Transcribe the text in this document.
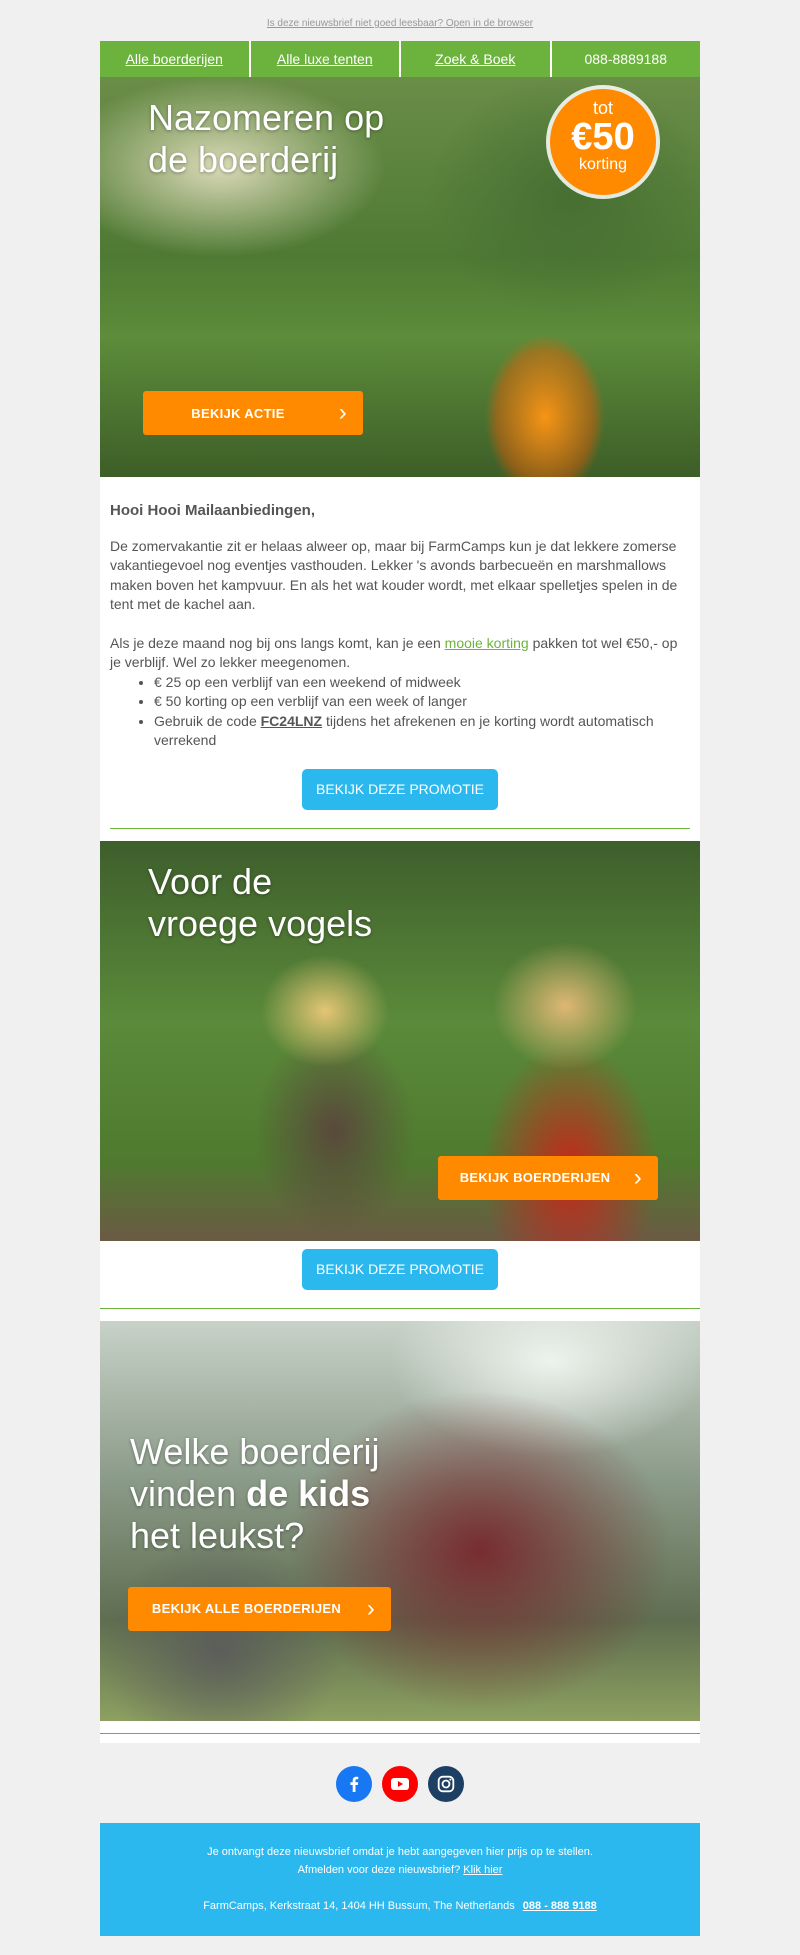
Is deze nieuwsbrief niet goed leesbaar? Open in de browser
Alle boerderijen	Alle luxe tenten	Zoek & Boek	088-8889188
Nazomeren op
de boerderij
tot
€50
korting
BEKIJK ACTIE ›
Hooi Hooi Mailaanbiedingen,

De zomervakantie zit er helaas alweer op, maar bij FarmCamps kun je dat lekkere zomerse vakantiegevoel nog eventjes vasthouden. Lekker 's avonds barbecueën en marshmallows maken boven het kampvuur. En als het wat kouder wordt, met elkaar spelletjes spelen in de tent met de kachel aan.

Als je deze maand nog bij ons langs komt, kan je een mooie korting pakken tot wel €50,- op je verblijf. Wel zo lekker meegenomen.

• € 25 op een verblijf van een weekend of midweek
• € 50 korting op een verblijf van een week of langer
• Gebruik de code FC24LNZ tijdens het afrekenen en je korting wordt automatisch verrekend
BEKIJK DEZE PROMOTIE
Voor de
vroege vogels
BEKIJK BOERDERIJEN ›
BEKIJK DEZE PROMOTIE
Welke boerderij
vinden de kids
het leukst?
BEKIJK ALLE BOERDERIJEN ›
Je ontvangt deze nieuwsbrief omdat je hebt aangegeven hier prijs op te stellen.
Afmelden voor deze nieuwsbrief? Klik hier
FarmCamps, Kerkstraat 14, 1404 HH Bussum, The Netherlands 088 - 888 9188
